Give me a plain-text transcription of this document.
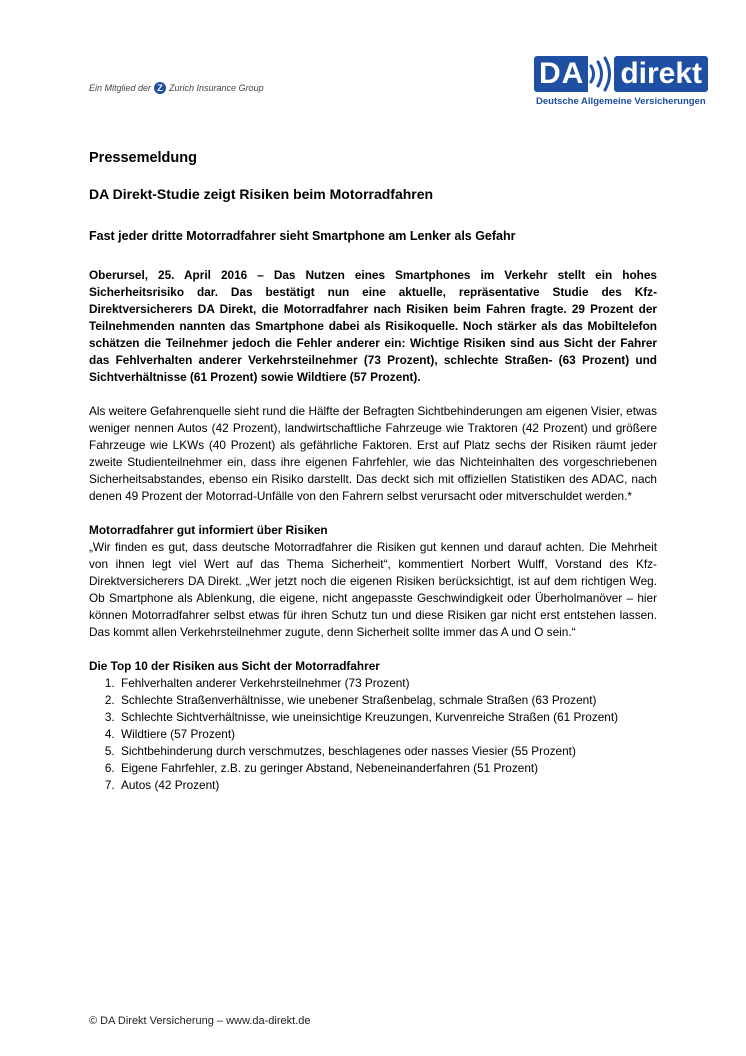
Ein Mitglied der Z Zurich Insurance Group	DA direkt
Deutsche Allgemeine Versicherungen
Pressemeldung
DA Direkt-Studie zeigt Risiken beim Motorradfahren
Fast jeder dritte Motorradfahrer sieht Smartphone am Lenker als Gefahr

Oberursel, 25. April 2016 – Das Nutzen eines Smartphones im Verkehr stellt ein hohes Sicherheitsrisiko dar. Das bestätigt nun eine aktuelle, repräsentative Studie des Kfz-Direktversicherers DA Direkt, die Motorradfahrer nach Risiken beim Fahren fragte. 29 Prozent der Teilnehmenden nannten das Smartphone dabei als Risikoquelle. Noch stärker als das Mobiltelefon schätzen die Teilnehmer jedoch die Fehler anderer ein: Wichtige Risiken sind aus Sicht der Fahrer das Fehlverhalten anderer Verkehrsteilnehmer (73 Prozent), schlechte Straßen- (63 Prozent) und Sichtverhältnisse (61 Prozent) sowie Wildtiere (57 Prozent).

Als weitere Gefahrenquelle sieht rund die Hälfte der Befragten Sichtbehinderungen am eigenen Visier, etwas weniger nennen Autos (42 Prozent), landwirtschaftliche Fahrzeuge wie Traktoren (42 Prozent) und größere Fahrzeuge wie LKWs (40 Prozent) als gefährliche Faktoren. Erst auf Platz sechs der Risiken räumt jeder zweite Studienteilnehmer ein, dass ihre eigenen Fahrfehler, wie das Nichteinhalten des vorgeschriebenen Sicherheitsabstandes, ebenso ein Risiko darstellt. Das deckt sich mit offiziellen Statistiken des ADAC, nach denen 49 Prozent der Motorrad-Unfälle von den Fahrern selbst verursacht oder mitverschuldet werden.*

Motorradfahrer gut informiert über Risiken

„Wir finden es gut, dass deutsche Motorradfahrer die Risiken gut kennen und darauf achten. Die Mehrheit von ihnen legt viel Wert auf das Thema Sicherheit“, kommentiert Norbert Wulff, Vorstand des Kfz-Direktversicherers DA Direkt. „Wer jetzt noch die eigenen Risiken berücksichtigt, ist auf dem richtigen Weg. Ob Smartphone als Ablenkung, die eigene, nicht angepasste Geschwindigkeit oder Überholmanöver – hier können Motorradfahrer selbst etwas für ihren Schutz tun und diese Risiken gar nicht erst entstehen lassen. Das kommt allen Verkehrsteilnehmer zugute, denn Sicherheit sollte immer das A und O sein.“

Die Top 10 der Risiken aus Sicht der Motorradfahrer
1. Fehlverhalten anderer Verkehrsteilnehmer (73 Prozent)
2. Schlechte Straßenverhältnisse, wie unebener Straßenbelag, schmale Straßen (63 Prozent)
3. Schlechte Sichtverhältnisse, wie uneinsichtige Kreuzungen, Kurvenreiche Straßen (61 Prozent)
4. Wildtiere (57 Prozent)
5. Sichtbehinderung durch verschmutzes, beschlagenes oder nasses Viesier (55 Prozent)
6. Eigene Fahrfehler, z.B. zu geringer Abstand, Nebeneinanderfahren (51 Prozent)
7. Autos (42 Prozent)
© DA Direkt Versicherung – www.da-direkt.de
